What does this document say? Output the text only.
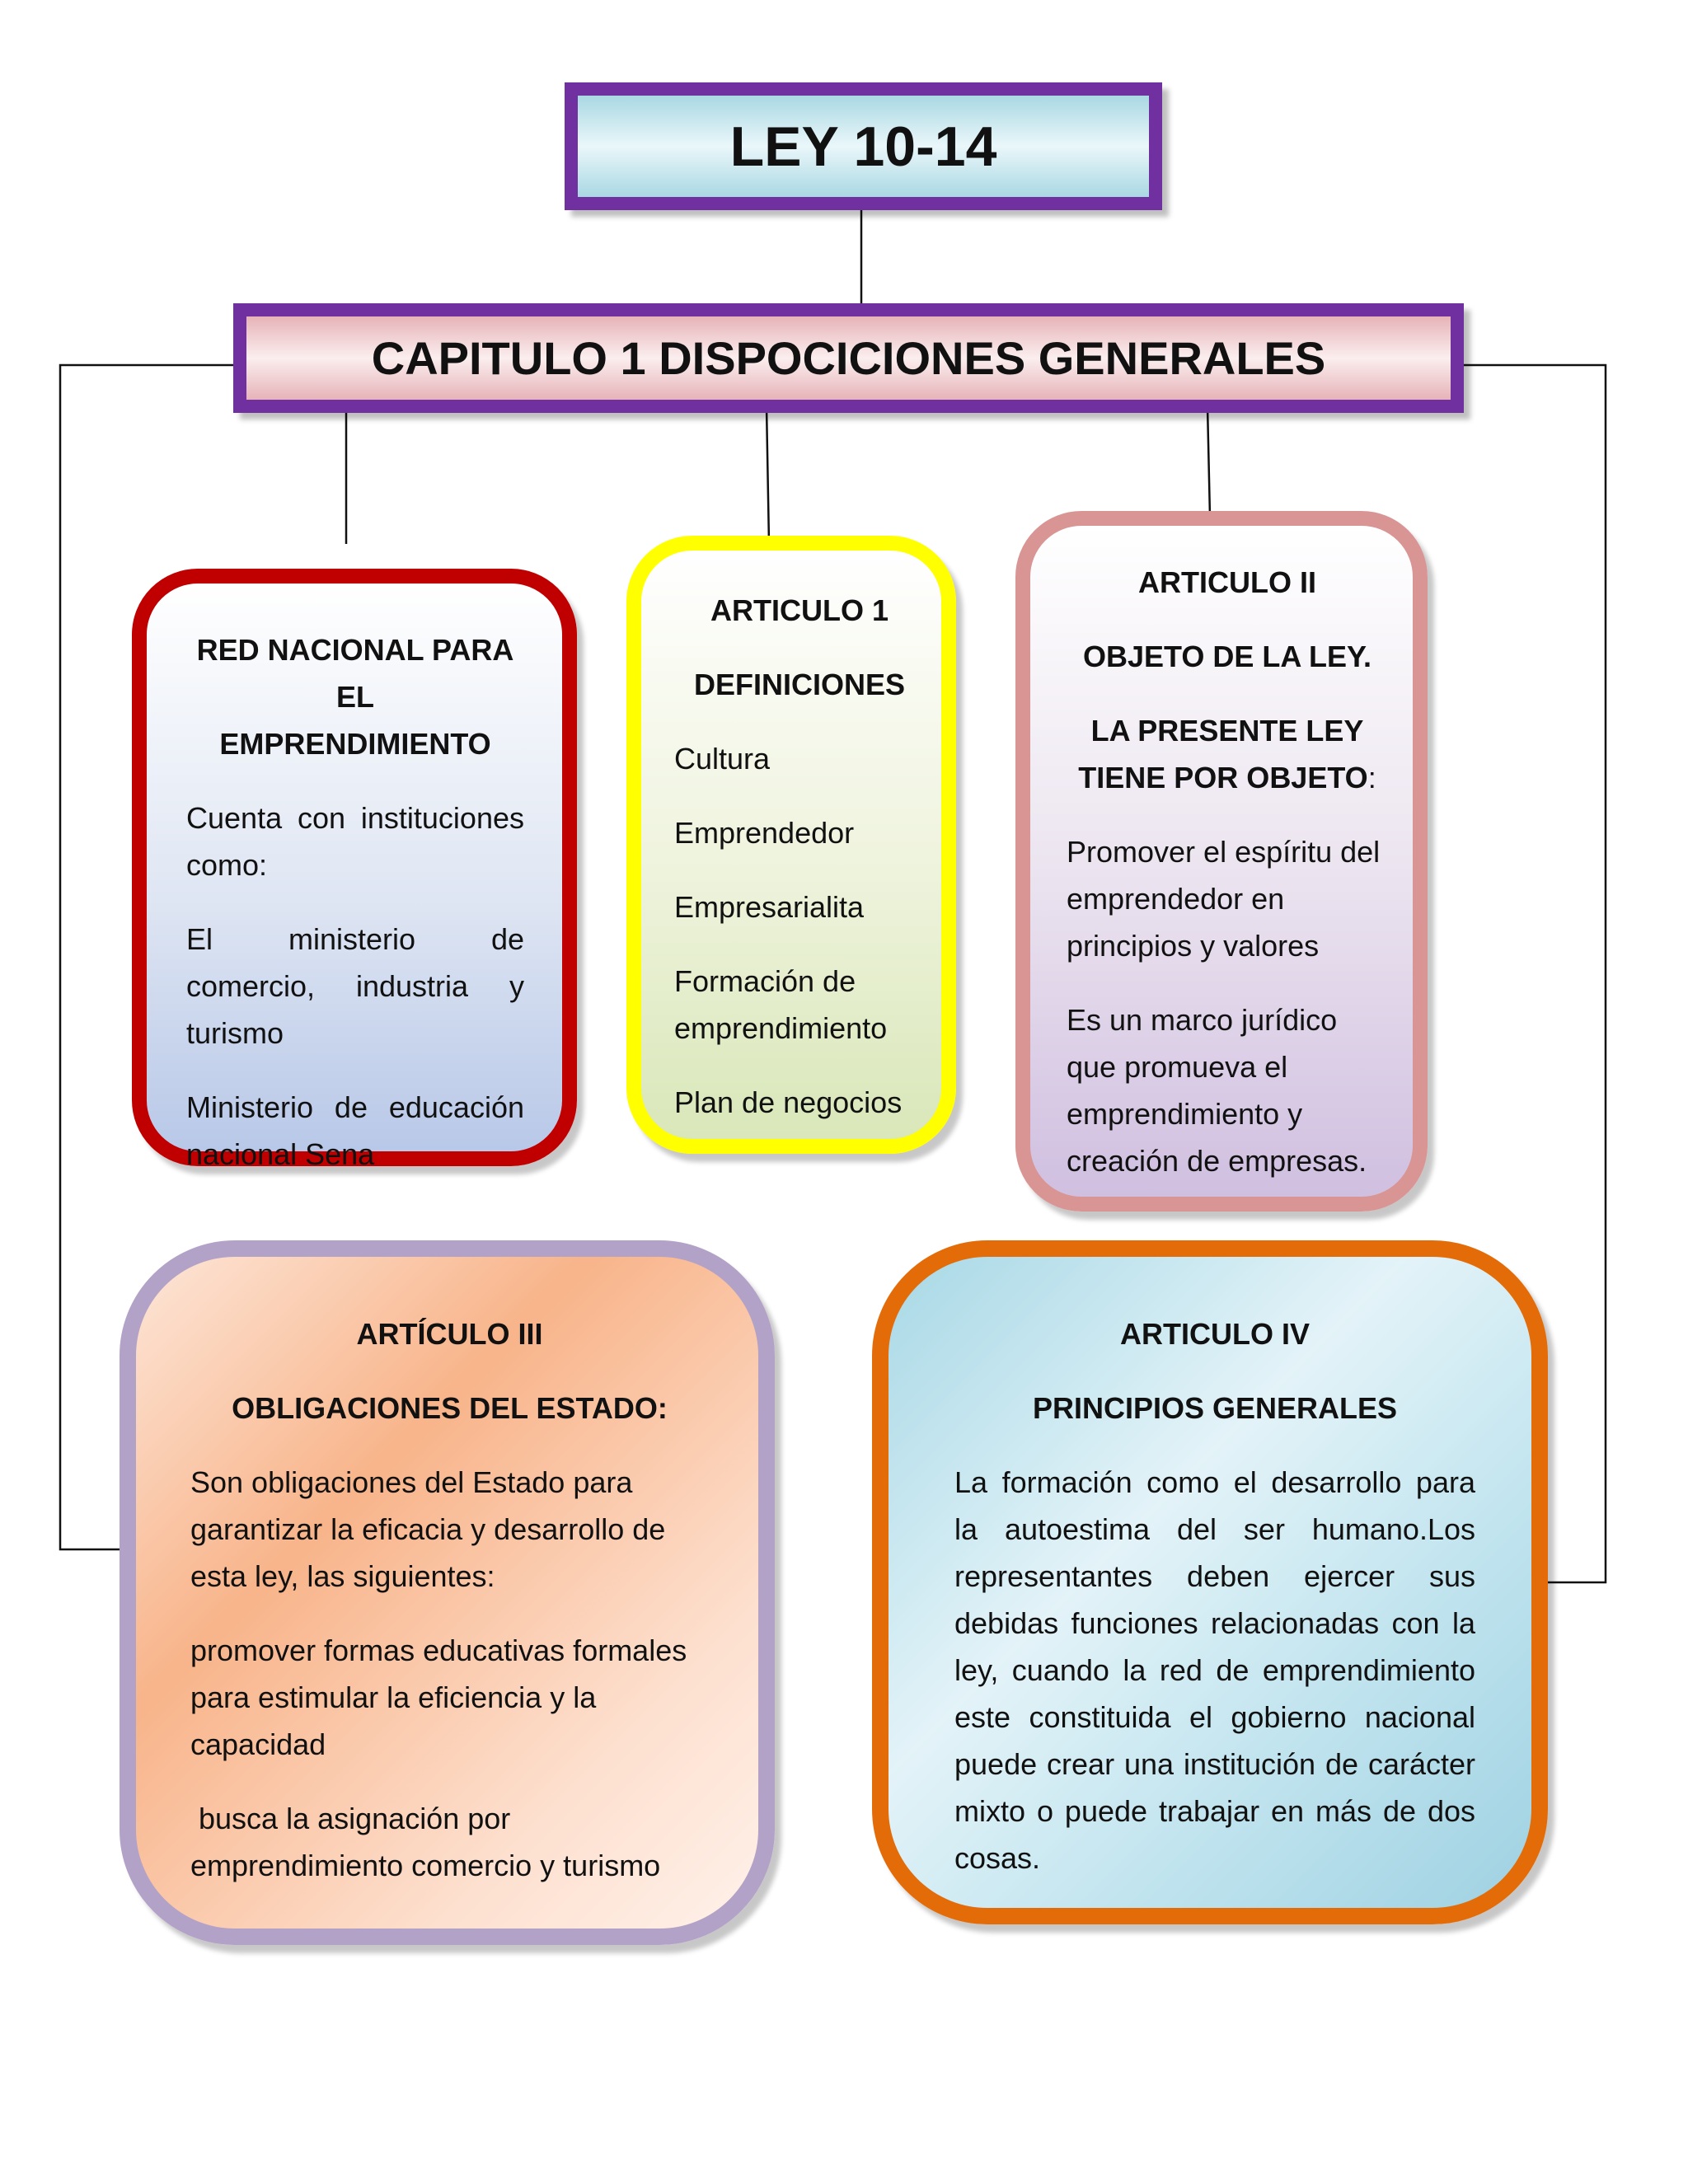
LEY 10-14
CAPITULO 1 DISPOCICIONES GENERALES

RED NACIONAL PARA EL
EMPRENDIMIENTO

Cuenta con instituciones como:

El ministerio de comercio, industria y turismo

Ministerio de educación nacional Sena

ARTICULO 1

DEFINICIONES

Cultura

Emprendedor

Empresarialita

Formación de emprendimiento

Plan de negocios

ARTICULO II

OBJETO DE LA LEY.

LA PRESENTE LEY
TIENE POR OBJETO:

Promover el espíritu del emprendedor en principios y valores

Es un marco jurídico que promueva el emprendimiento y creación de empresas.

ARTÍCULO III

OBLIGACIONES DEL ESTADO:

Son obligaciones del Estado para garantizar la eficacia y desarrollo de esta ley, las siguientes:

promover formas educativas formales para estimular la eficiencia y la capacidad

busca la asignación por emprendimiento comercio y turismo

ARTICULO IV

PRINCIPIOS GENERALES

La formación como el desarrollo para la autoestima del ser humano.Los representantes deben ejercer sus debidas funciones relacionadas con la ley, cuando la red de emprendimiento este constituida el gobierno nacional puede crear una institución de carácter mixto o puede trabajar en más de dos cosas.
